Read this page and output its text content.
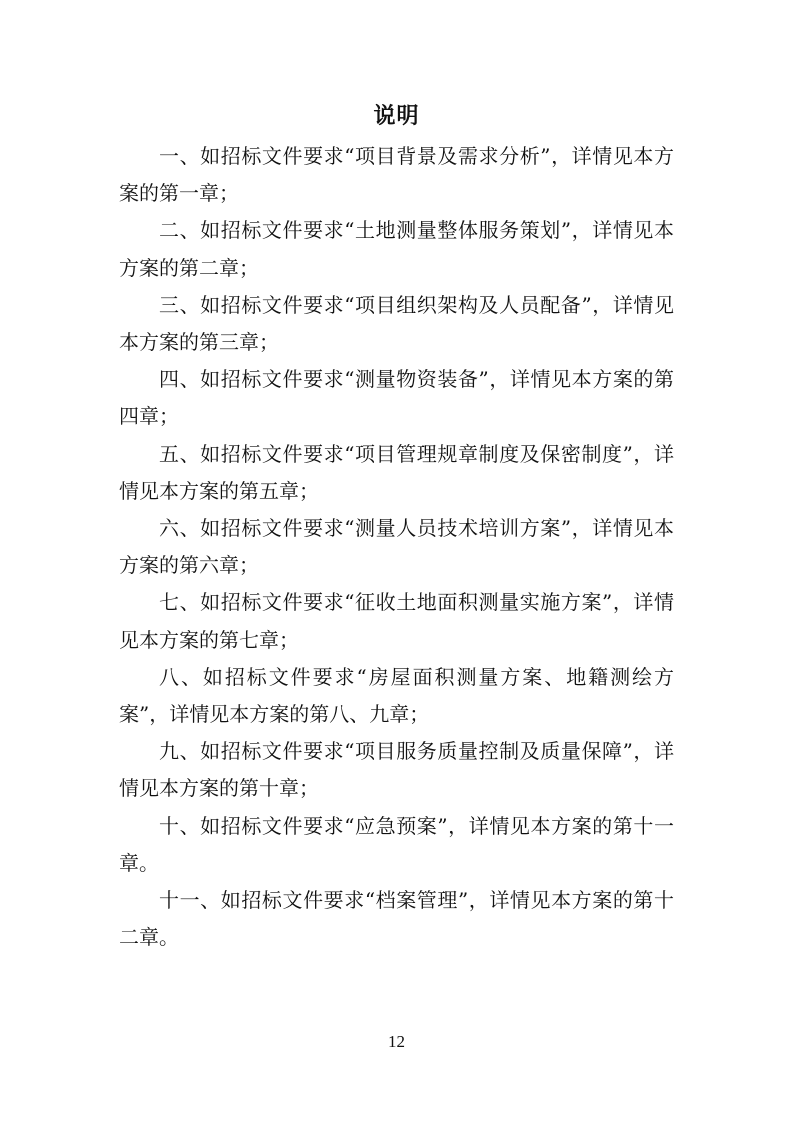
说明

一、如招标文件要求“项目背景及需求分析”，详情见本方案的第一章；

二、如招标文件要求“土地测量整体服务策划”，详情见本方案的第二章；

三、如招标文件要求“项目组织架构及人员配备”，详情见本方案的第三章；

四、如招标文件要求“测量物资装备”，详情见本方案的第四章；

五、如招标文件要求“项目管理规章制度及保密制度”，详情见本方案的第五章；

六、如招标文件要求“测量人员技术培训方案”，详情见本方案的第六章；

七、如招标文件要求“征收土地面积测量实施方案”，详情见本方案的第七章；

八、如招标文件要求“房屋面积测量方案、地籍测绘方案”，详情见本方案的第八、九章；

九、如招标文件要求“项目服务质量控制及质量保障”，详情见本方案的第十章；

十、如招标文件要求“应急预案”，详情见本方案的第十一章。

十一、如招标文件要求“档案管理”，详情见本方案的第十二章。

12
